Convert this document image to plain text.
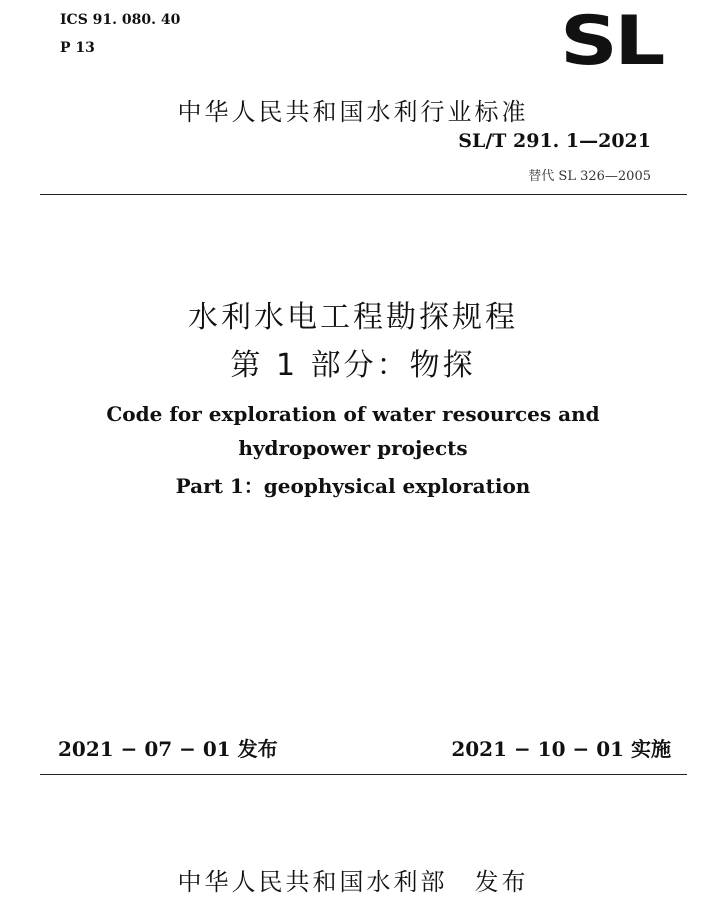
ICS 91. 080. 40
P 13	SL
中华人民共和国水利行业标准
SL/T 291. 1—2021
替代 SL 326—2005
水利水电工程勘探规程
第 1 部分：物探
Code for exploration of water resources and
hydropower projects
Part 1：geophysical exploration
2021 − 07 − 01 发布	2021 − 10 − 01 实施
中华人民共和国水利部　发布
